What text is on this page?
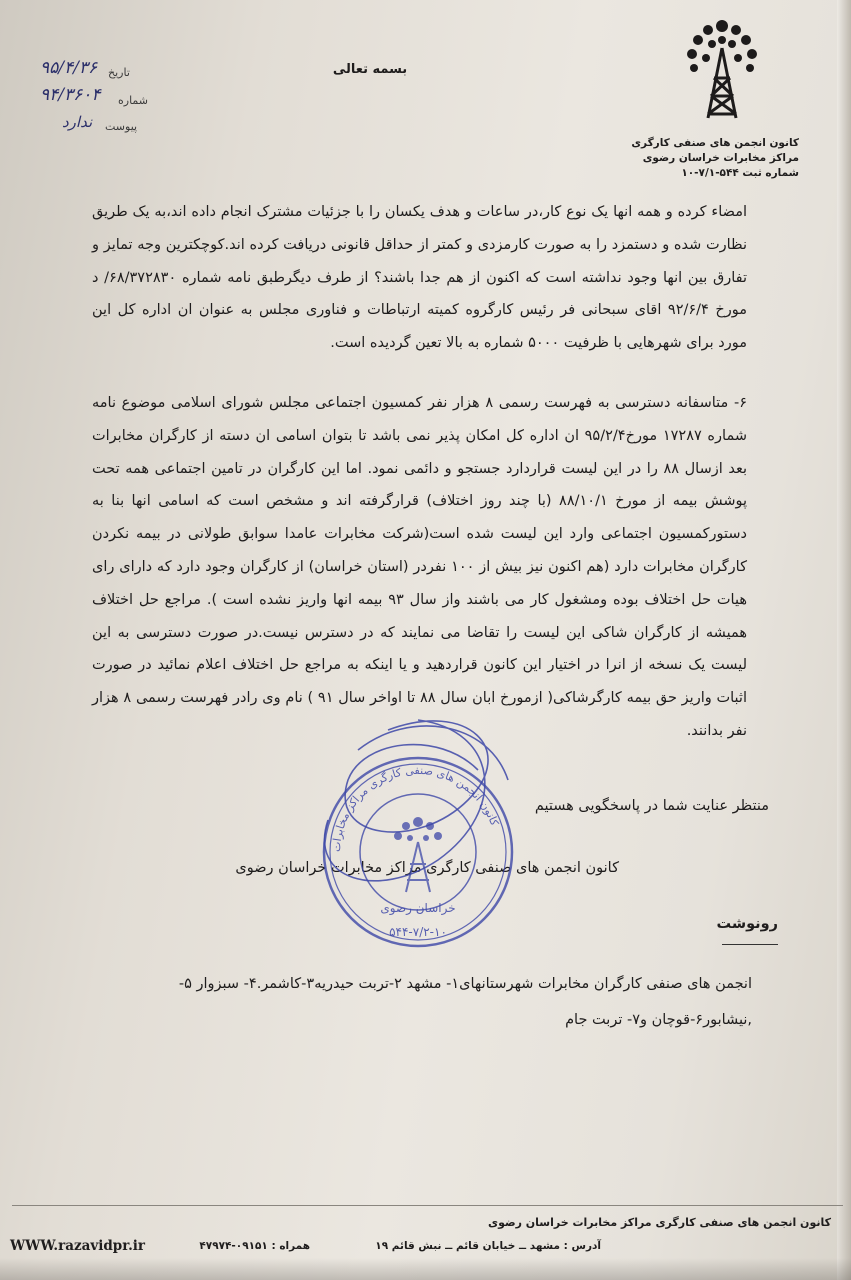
۹۵/۴/۳۶ تاریخ
۹۴/۳۶۰۴ شماره
ندارد پیوست
بسمه تعالی
کانون انجمن های صنفی کارگری
مراکز مخابرات خراسان رضوی
شماره ثبت ۵۴۴-۷/۱-۱۰
امضاء کرده و همه انها یک نوع کار،در ساعات و هدف یکسان را با جزئیات مشترک انجام داده اند،به یک طریق نظارت شده و دستمزد را به صورت کارمزدی و کمتر از حداقل قانونی دریافت کرده اند.کوچکترین وجه تمایز و تفارق بین انها وجود نداشته است که اکنون از هم جدا باشند؟ از طرف دیگرطبق نامه شماره ۶۸/۳۷۲۸۳۰/ د مورخ ۹۲/۶/۴ اقای سبحانی فر رئیس کارگروه کمیته ارتباطات و فناوری مجلس به عنوان ان اداره کل این مورد برای شهرهایی با ظرفیت ۵۰۰۰ شماره به بالا تعین گردیده است.
۶- متاسفانه دسترسی به فهرست رسمی ۸ هزار نفر کمسیون اجتماعی مجلس شورای اسلامی موضوع نامه شماره ۱۷۲۸۷ مورخ۹۵/۲/۴ ان اداره کل امکان پذیر نمی باشد تا بتوان اسامی ان دسته از کارگران مخابرات بعد ازسال ۸۸ را در این لیست قراردارد جستجو و دائمی نمود. اما این کارگران در تامین اجتماعی همه تحت پوشش بیمه از مورخ ۸۸/۱۰/۱ (با چند روز اختلاف) قرارگرفته اند و مشخص است که اسامی انها بنا به دستورکمسیون اجتماعی وارد این لیست شده است(شرکت مخابرات عامدا سوابق طولانی در بیمه نکردن کارگران مخابرات دارد (هم اکنون نیز بیش از ۱۰۰ نفردر (استان خراسان) از کارگران وجود دارد که دارای رای هیات حل اختلاف بوده ومشغول کار می باشند واز سال ۹۳ بیمه انها واریز نشده است ). مراجع حل اختلاف همیشه از کارگران شاکی این لیست را تقاضا می نمایند که در دسترس نیست.در صورت دسترسی به این لیست یک نسخه از انرا در اختیار این کانون قراردهید و یا اینکه به مراجع حل اختلاف اعلام نمائید در صورت اثبات واریز حق بیمه کارگرشاکی( ازمورخ ابان سال ۸۸ تا اواخر سال ۹۱ ) نام وی رادر فهرست رسمی ۸ هزار نفر بدانند.
منتظر عنایت شما در پاسخگویی هستیم
کانون انجمن های صنفی کارگری مراکز مخابرات خراسان رضوی
رونوشت
انجمن های صنفی کارگران مخابرات شهرستانهای۱- مشهد ۲-تربت حیدریه۳-کاشمر.۴- سبزوار ۵-
,نیشابور۶-قوچان و۷- تربت جام
کانون انجمن های صنفی کارگری مراکز مخابرات
خراسان رضوی
۵۴۴-۷/۲-۱۰
کانون انجمن های صنفی کارگری مراکز مخابرات خراسان رضوی
آدرس : مشهد ــ خیابان قائم ــ نبش قائم ۱۹
همراه : ۰۹۱۵۱-۴۷۹۷۴
WWW.razavidpr.ir
